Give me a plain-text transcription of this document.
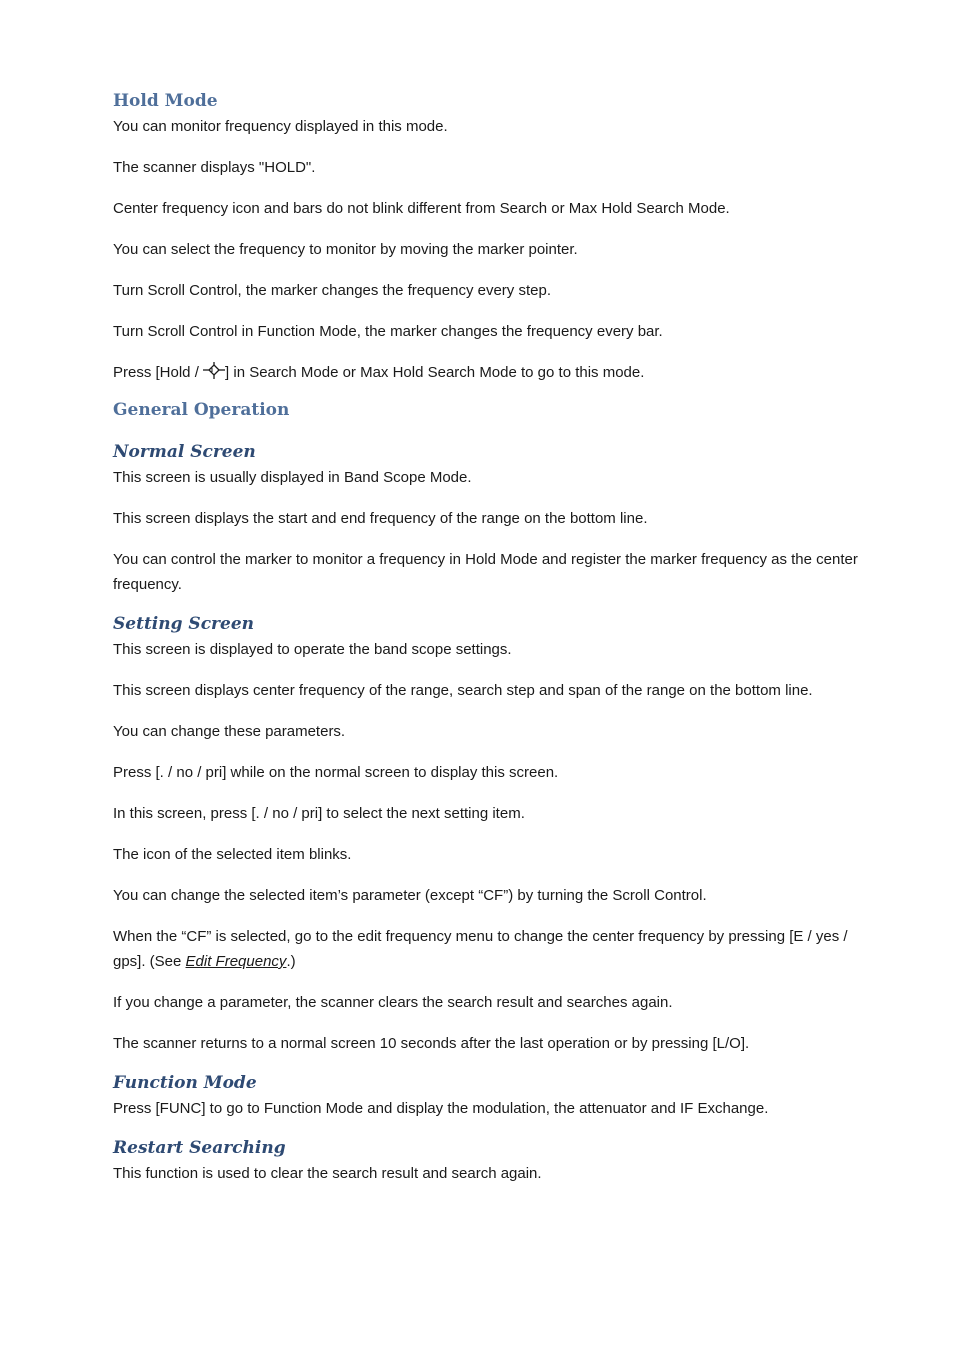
Hold Mode

You can monitor frequency displayed in this mode.

The scanner displays "HOLD".

Center frequency icon and bars do not blink different from Search or Max Hold Search Mode.

You can select the frequency to monitor by moving the marker pointer.

Turn Scroll Control, the marker changes the frequency every step.

Turn Scroll Control in Function Mode, the marker changes the frequency every bar.

Press [Hold / ] in Search Mode or Max Hold Search Mode to go to this mode.

General Operation
Normal Screen

This screen is usually displayed in Band Scope Mode.

This screen displays the start and end frequency of the range on the bottom line.

You can control the marker to monitor a frequency in Hold Mode and register the marker frequency as the center frequency.

Setting Screen

This screen is displayed to operate the band scope settings.

This screen displays center frequency of the range, search step and span of the range on the bottom line.

You can change these parameters.

Press [. / no / pri] while on the normal screen to display this screen.

In this screen, press [. / no / pri] to select the next setting item.

The icon of the selected item blinks.

You can change the selected item’s parameter (except “CF”) by turning the Scroll Control.

When the “CF” is selected, go to the edit frequency menu to change the center frequency by pressing [E / yes / gps]. (See Edit Frequency.)

If you change a parameter, the scanner clears the search result and searches again.

The scanner returns to a normal screen 10 seconds after the last operation or by pressing [L/O].

Function Mode

Press [FUNC] to go to Function Mode and display the modulation, the attenuator and IF Exchange.

Restart Searching

This function is used to clear the search result and search again.
